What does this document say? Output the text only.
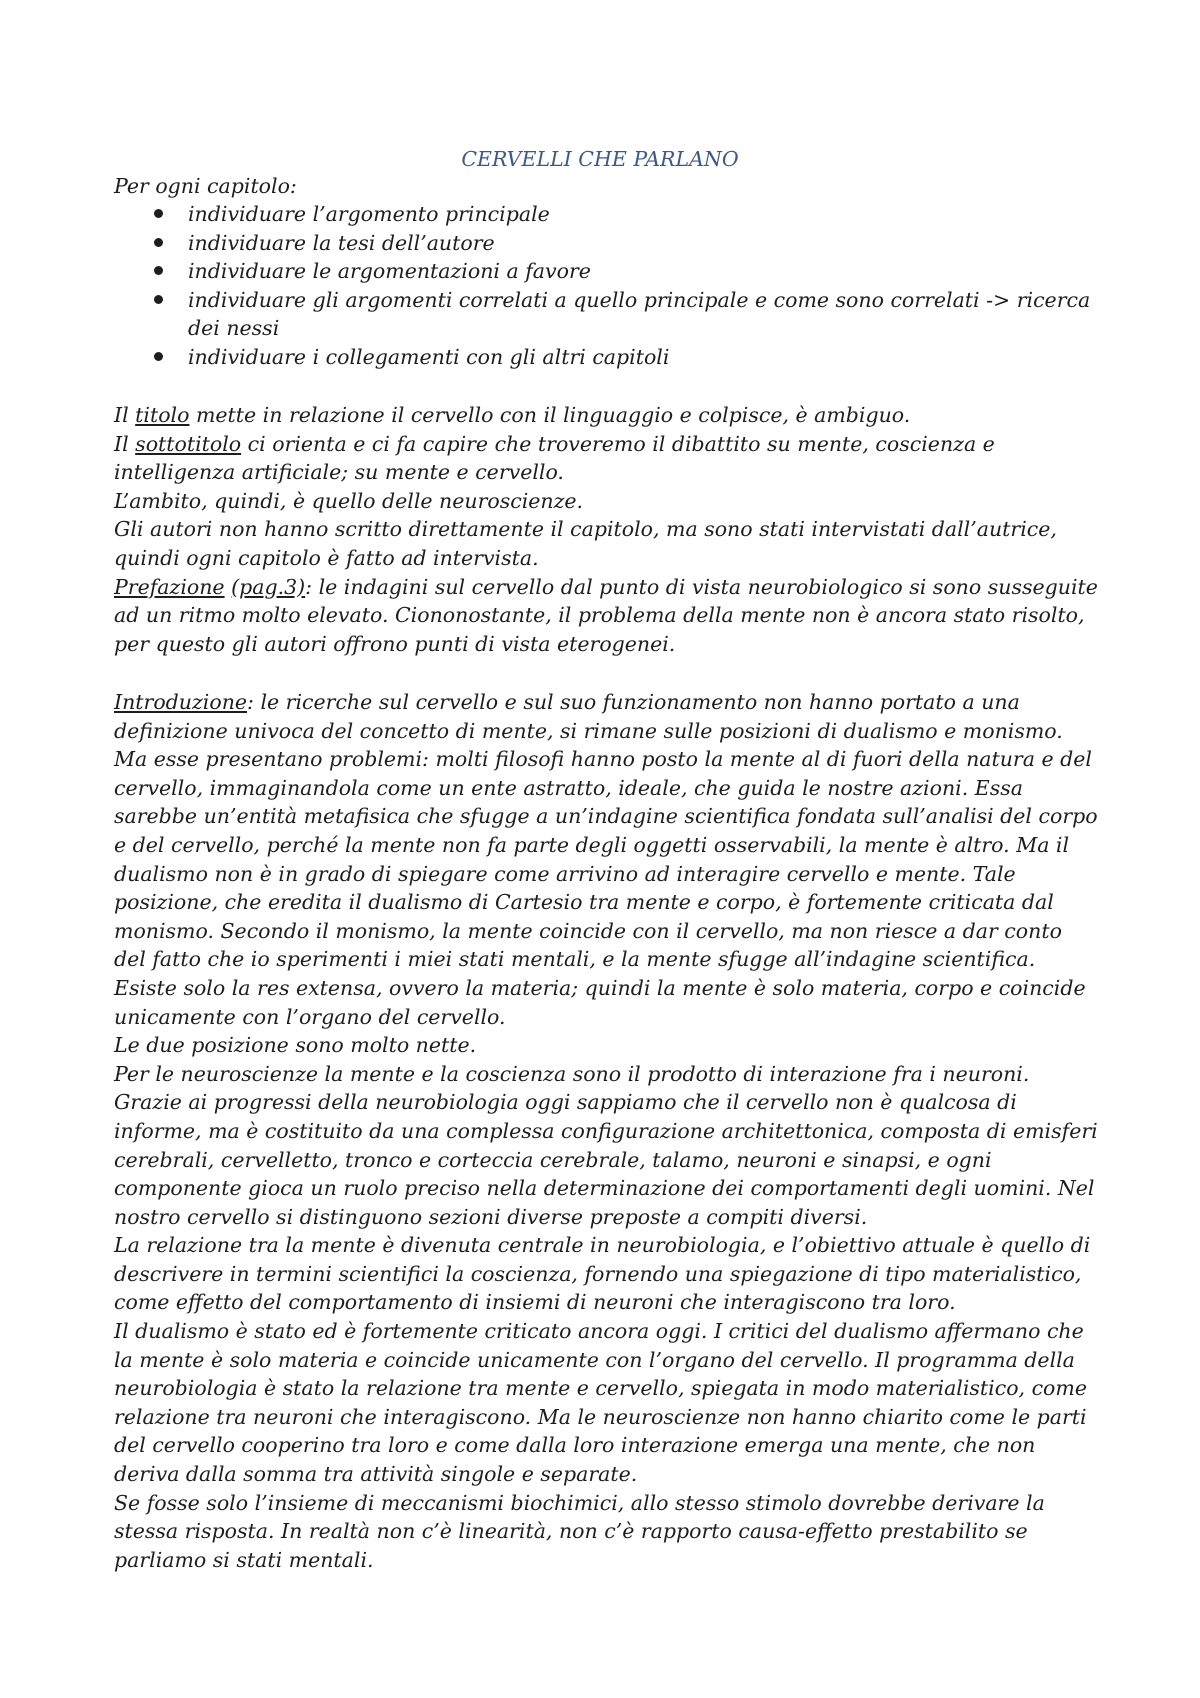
CERVELLI CHE PARLANO
Per ogni capitolo:
individuare l’argomento principale
individuare la tesi dell’autore
individuare le argomentazioni a favore
individuare gli argomenti correlati a quello principale e come sono correlati -> ricerca dei nessi
individuare i collegamenti con gli altri capitoli

Il titolo mette in relazione il cervello con il linguaggio e colpisce, è ambiguo.

Il sottotitolo ci orienta e ci fa capire che troveremo il dibattito su mente, coscienza e intelligenza artificiale; su mente e cervello.

L’ambito, quindi, è quello delle neuroscienze.

Gli autori non hanno scritto direttamente il capitolo, ma sono stati intervistati dall’autrice, quindi ogni capitolo è fatto ad intervista.

Prefazione (pag.3): le indagini sul cervello dal punto di vista neurobiologico si sono susseguite ad un ritmo molto elevato. Ciononostante, il problema della mente non è ancora stato risolto, per questo gli autori offrono punti di vista eterogenei.

Introduzione: le ricerche sul cervello e sul suo funzionamento non hanno portato a una definizione univoca del concetto di mente, si rimane sulle posizioni di dualismo e monismo.

Ma esse presentano problemi: molti filosofi hanno posto la mente al di fuori della natura e del cervello, immaginandola come un ente astratto, ideale, che guida le nostre azioni. Essa sarebbe un’entità metafisica che sfugge a un’indagine scientifica fondata sull’analisi del corpo e del cervello, perché la mente non fa parte degli oggetti osservabili, la mente è altro. Ma il dualismo non è in grado di spiegare come arrivino ad interagire cervello e mente. Tale posizione, che eredita il dualismo di Cartesio tra mente e corpo, è fortemente criticata dal monismo. Secondo il monismo, la mente coincide con il cervello, ma non riesce a dar conto del fatto che io sperimenti i miei stati mentali, e la mente sfugge all’indagine scientifica.

Esiste solo la res extensa, ovvero la materia; quindi la mente è solo materia, corpo e coincide unicamente con l’organo del cervello.

Le due posizione sono molto nette.

Per le neuroscienze la mente e la coscienza sono il prodotto di interazione fra i neuroni.

Grazie ai progressi della neurobiologia oggi sappiamo che il cervello non è qualcosa di informe, ma è costituito da una complessa configurazione architettonica, composta di emisferi cerebrali, cervelletto, tronco e corteccia cerebrale, talamo, neuroni e sinapsi, e ogni componente gioca un ruolo preciso nella determinazione dei comportamenti degli uomini. Nel nostro cervello si distinguono sezioni diverse preposte a compiti diversi.

La relazione tra la mente è divenuta centrale in neurobiologia, e l’obiettivo attuale è quello di descrivere in termini scientifici la coscienza, fornendo una spiegazione di tipo materialistico, come effetto del comportamento di insiemi di neuroni che interagiscono tra loro.

Il dualismo è stato ed è fortemente criticato ancora oggi. I critici del dualismo affermano che la mente è solo materia e coincide unicamente con l’organo del cervello. Il programma della neurobiologia è stato la relazione tra mente e cervello, spiegata in modo materialistico, come relazione tra neuroni che interagiscono. Ma le neuroscienze non hanno chiarito come le parti del cervello cooperino tra loro e come dalla loro interazione emerga una mente, che non deriva dalla somma tra attività singole e separate.

Se fosse solo l’insieme di meccanismi biochimici, allo stesso stimolo dovrebbe derivare la stessa risposta. In realtà non c’è linearità, non c’è rapporto causa-effetto prestabilito se parliamo si stati mentali.
